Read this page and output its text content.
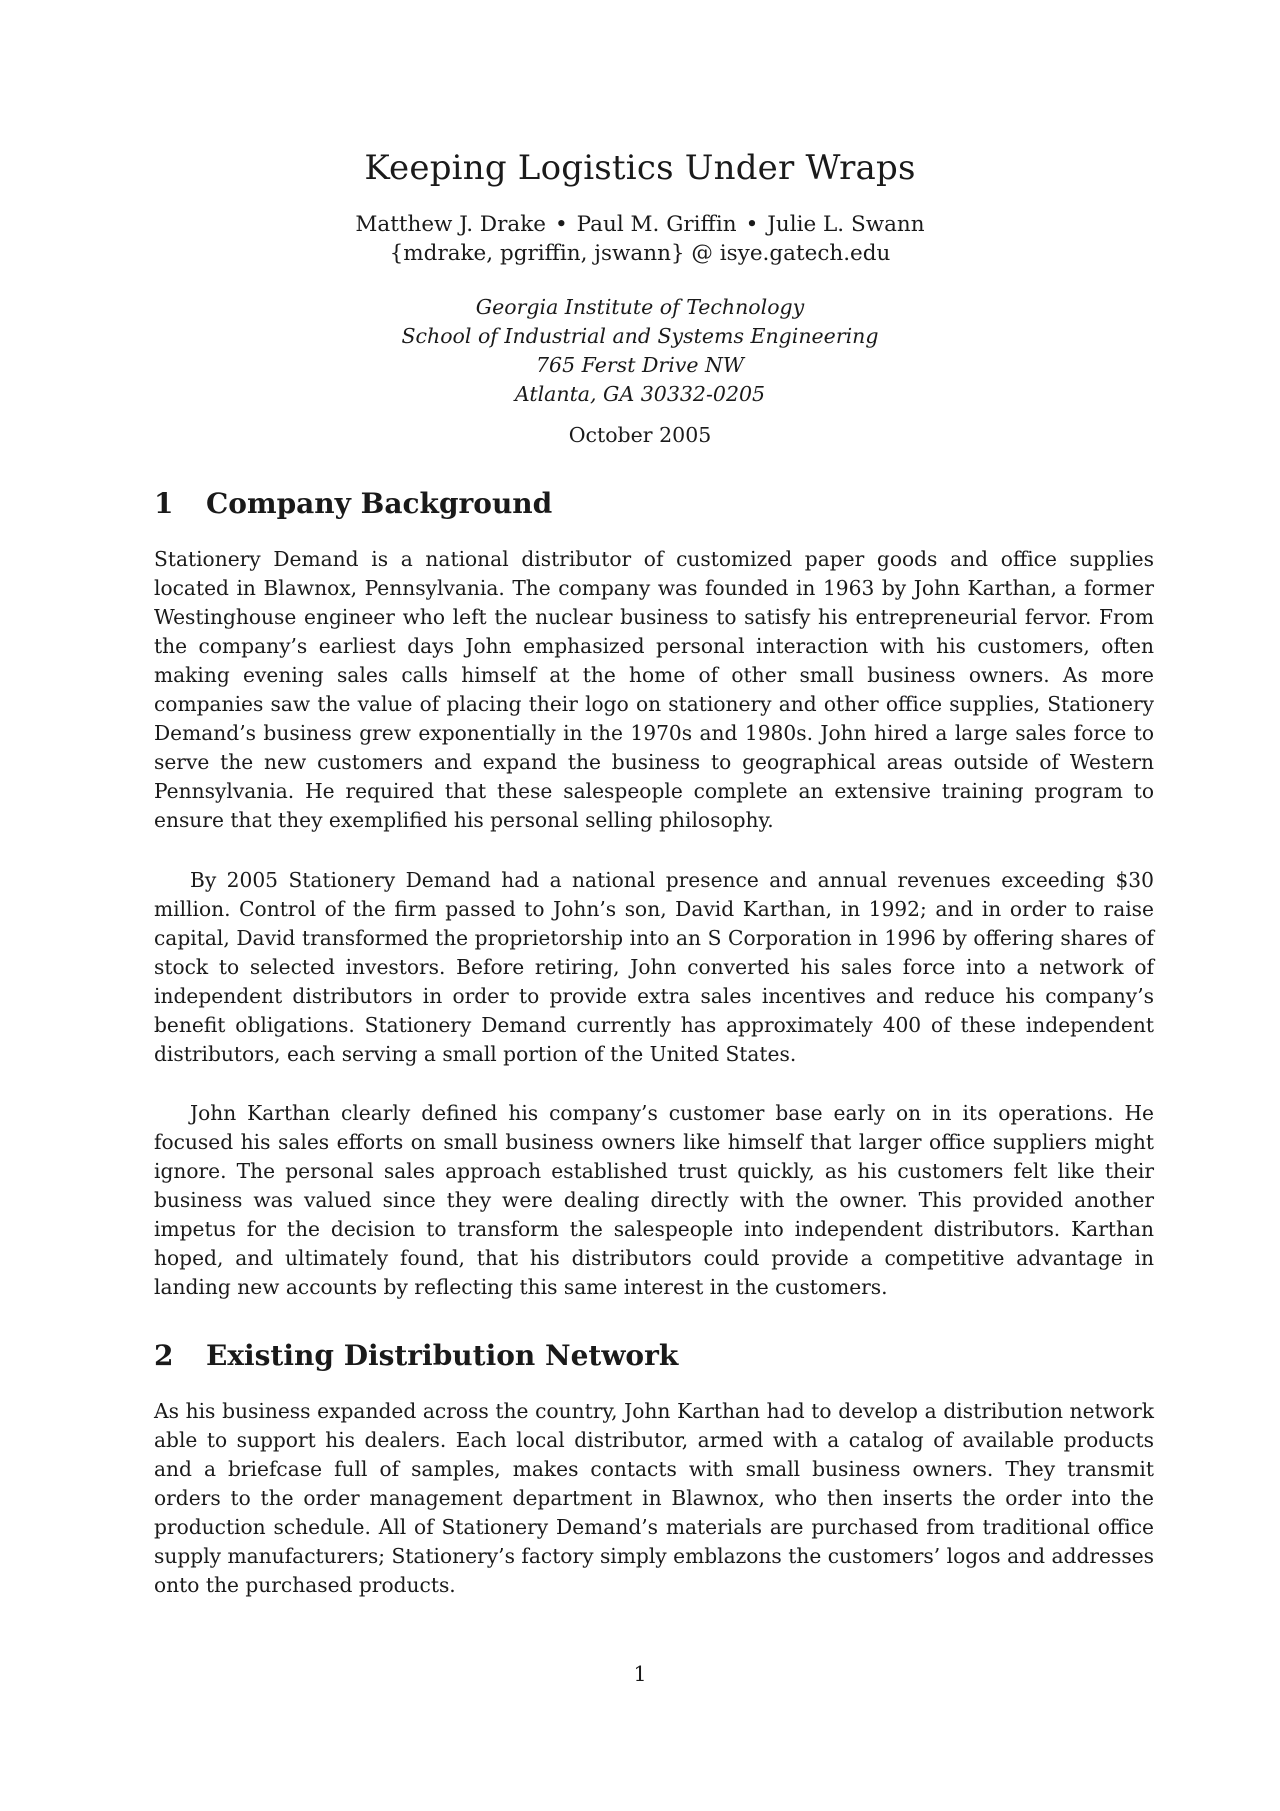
Keeping Logistics Under Wraps
Matthew J. Drake • Paul M. Griffin • Julie L. Swann
{mdrake, pgriffin, jswann} @ isye.gatech.edu
Georgia Institute of Technology
School of Industrial and Systems Engineering
765 Ferst Drive NW
Atlanta, GA 30332-0205
October 2005
1 Company Background

Stationery Demand is a national distributor of customized paper goods and office supplies located in Blawnox, Pennsylvania. The company was founded in 1963 by John Karthan, a former Westinghouse engineer who left the nuclear business to satisfy his entrepreneurial fervor. From the company’s earliest days John emphasized personal interaction with his customers, often making evening sales calls himself at the home of other small business owners. As more companies saw the value of placing their logo on stationery and other office supplies, Stationery Demand’s business grew exponentially in the 1970s and 1980s. John hired a large sales force to serve the new customers and expand the business to geographical areas outside of Western Pennsylvania. He required that these salespeople complete an extensive training program to ensure that they exemplified his personal selling philosophy.

By 2005 Stationery Demand had a national presence and annual revenues exceeding $30 million. Control of the firm passed to John’s son, David Karthan, in 1992; and in order to raise capital, David transformed the proprietorship into an S Corporation in 1996 by offering shares of stock to selected investors. Before retiring, John converted his sales force into a network of independent distributors in order to provide extra sales incentives and reduce his company’s benefit obligations. Stationery Demand currently has approximately 400 of these independent distributors, each serving a small portion of the United States.

John Karthan clearly defined his company’s customer base early on in its operations. He focused his sales efforts on small business owners like himself that larger office suppliers might ignore. The personal sales approach established trust quickly, as his customers felt like their business was valued since they were dealing directly with the owner. This provided another impetus for the decision to transform the salespeople into independent distributors. Karthan hoped, and ultimately found, that his distributors could provide a competitive advantage in landing new accounts by reflecting this same interest in the customers.

2 Existing Distribution Network

As his business expanded across the country, John Karthan had to develop a distribution network able to support his dealers. Each local distributor, armed with a catalog of available products and a briefcase full of samples, makes contacts with small business owners. They transmit orders to the order management department in Blawnox, who then inserts the order into the production schedule. All of Stationery Demand’s materials are purchased from traditional office supply manufacturers; Stationery’s factory simply emblazons the customers’ logos and addresses onto the purchased products.

1
